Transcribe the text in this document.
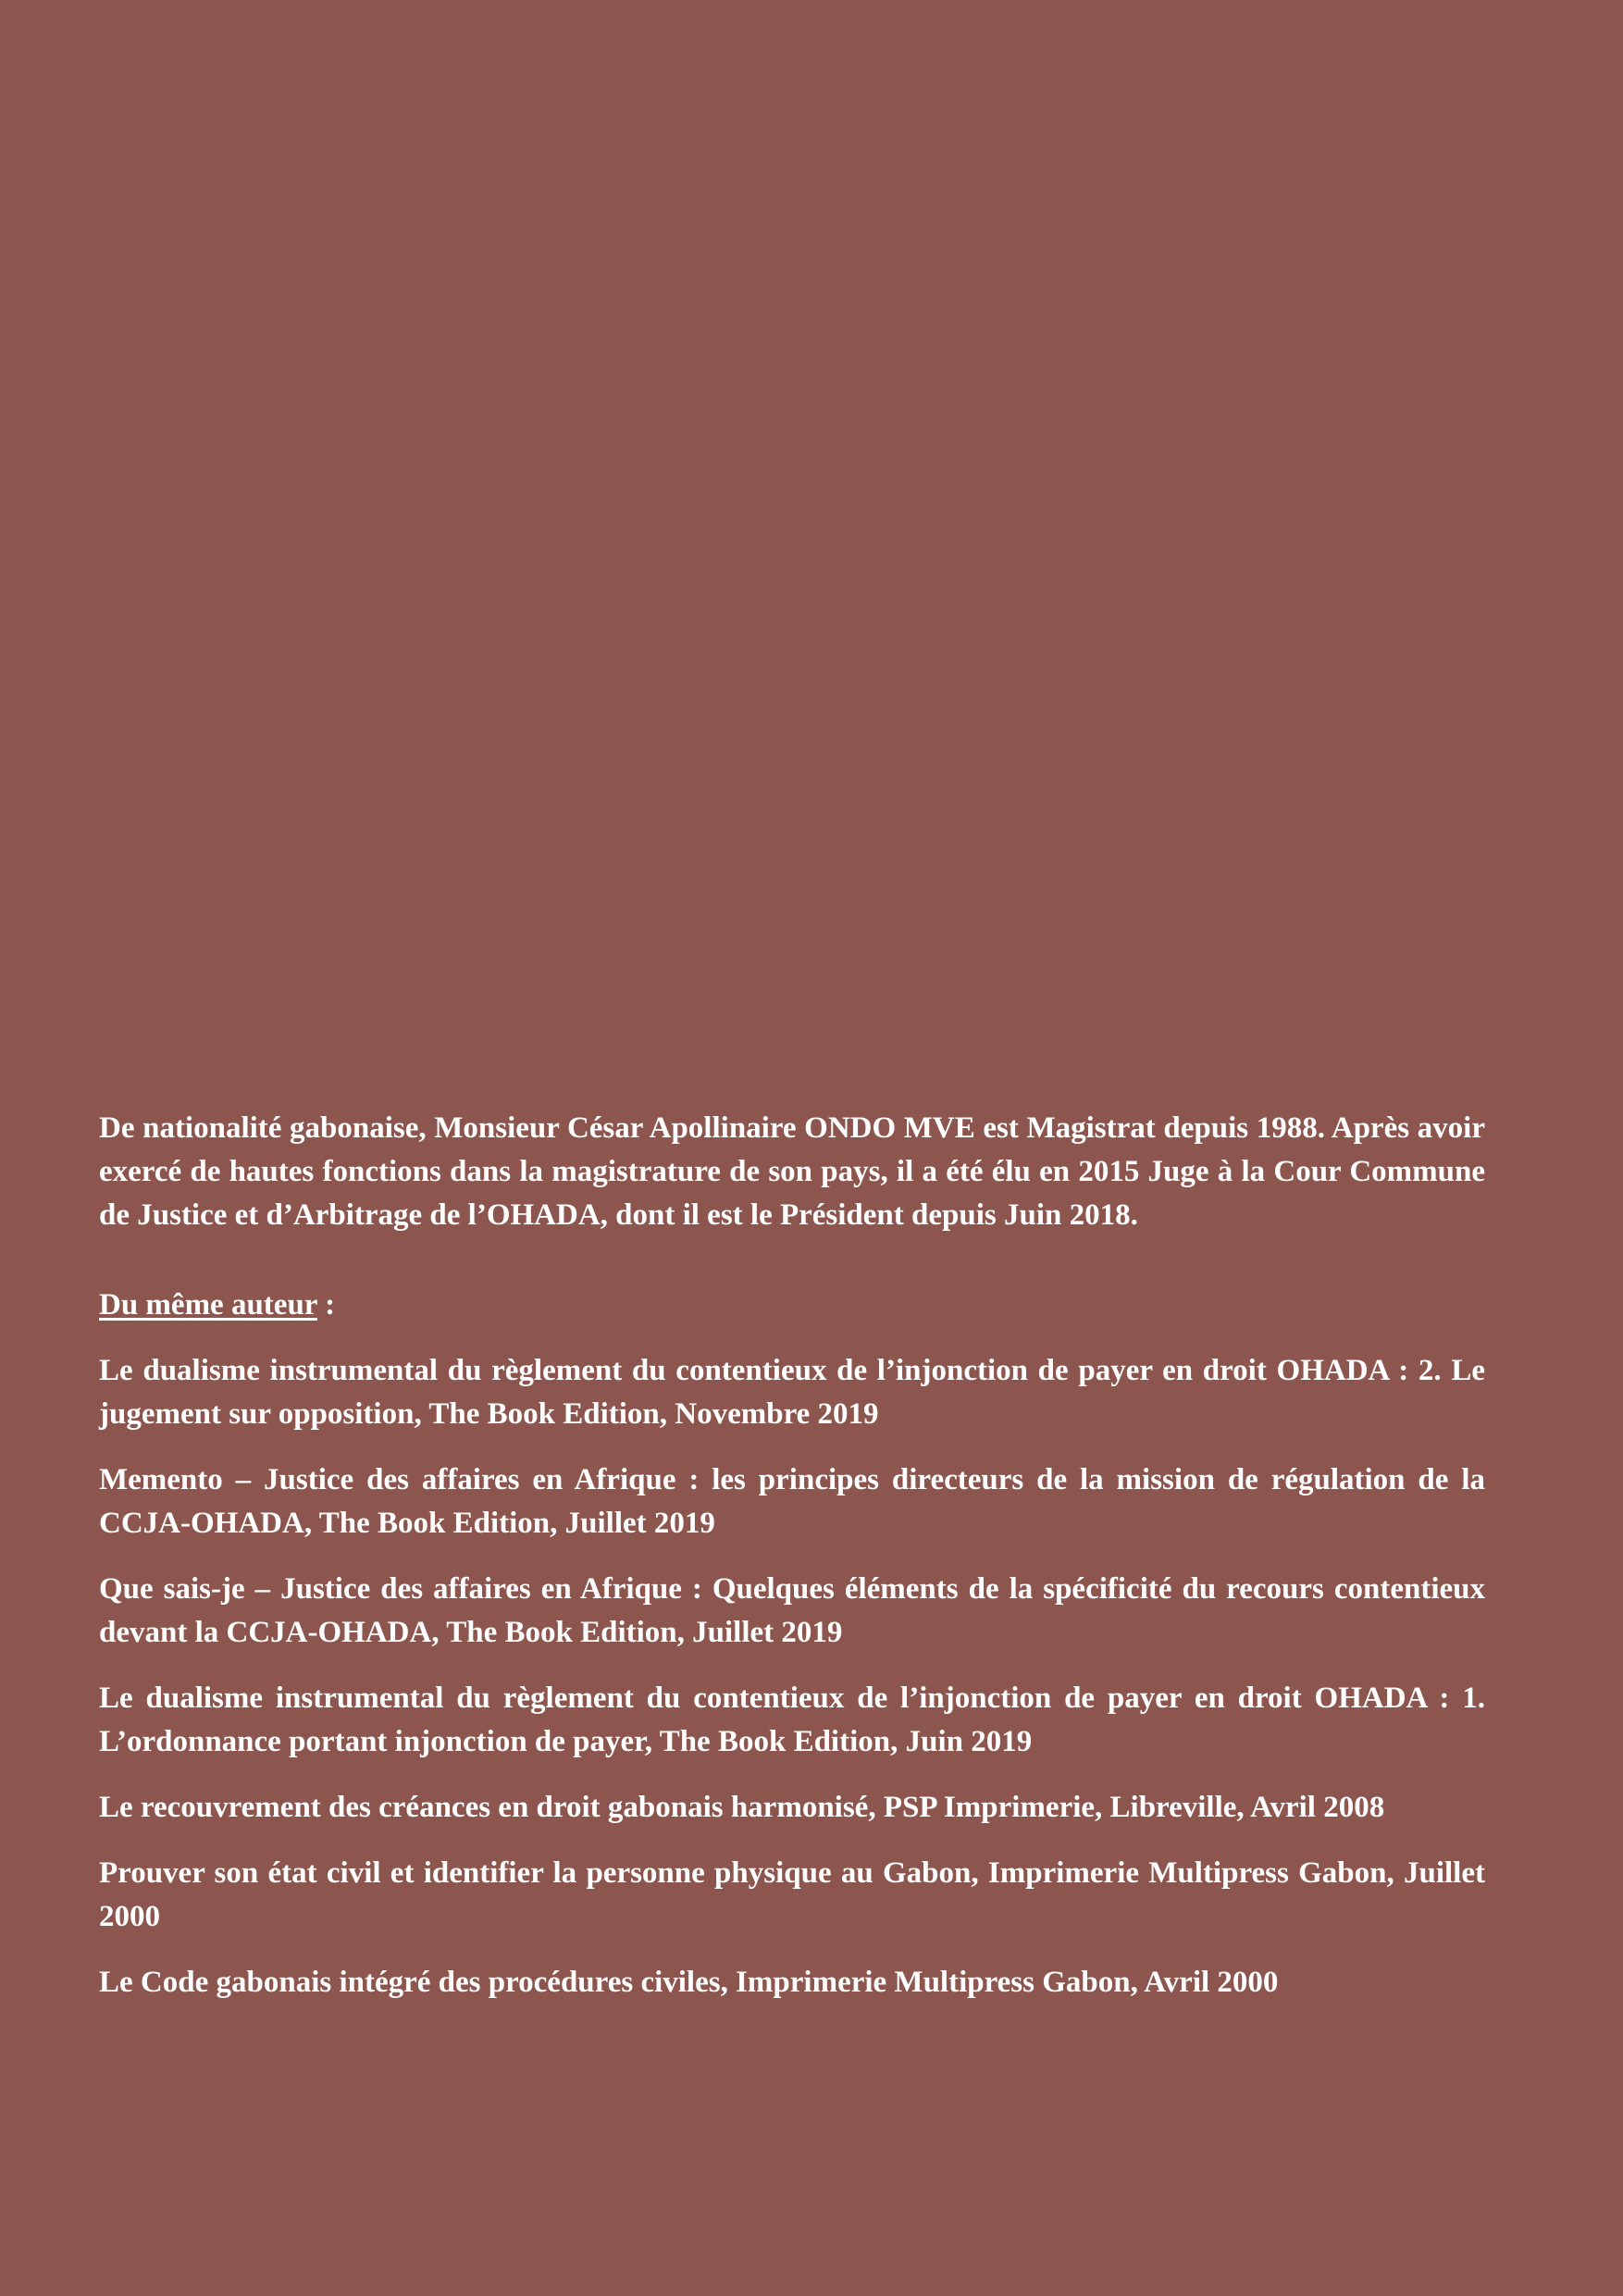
De nationalité gabonaise, Monsieur César Apollinaire ONDO MVE est Magistrat depuis 1988. Après avoir exercé de hautes fonctions dans la magistrature de son pays, il a été élu en 2015 Juge à la Cour Commune de Justice et d’Arbitrage de l’OHADA, dont il est le Président depuis Juin 2018.

Du même auteur :

Le dualisme instrumental du règlement du contentieux de l’injonction de payer en droit OHADA : 2. Le jugement sur opposition, The Book Edition, Novembre 2019
Memento – Justice des affaires en Afrique : les principes directeurs de la mission de régulation de la CCJA-OHADA, The Book Edition, Juillet 2019
Que sais-je – Justice des affaires en Afrique : Quelques éléments de la spécificité du recours contentieux devant la CCJA-OHADA, The Book Edition, Juillet 2019
Le dualisme instrumental du règlement du contentieux de l’injonction de payer en droit OHADA : 1. L’ordonnance portant injonction de payer, The Book Edition, Juin 2019
Le recouvrement des créances en droit gabonais harmonisé, PSP Imprimerie, Libreville, Avril 2008
Prouver son état civil et identifier la personne physique au Gabon, Imprimerie Multipress Gabon, Juillet 2000
Le Code gabonais intégré des procédures civiles, Imprimerie Multipress Gabon, Avril 2000
